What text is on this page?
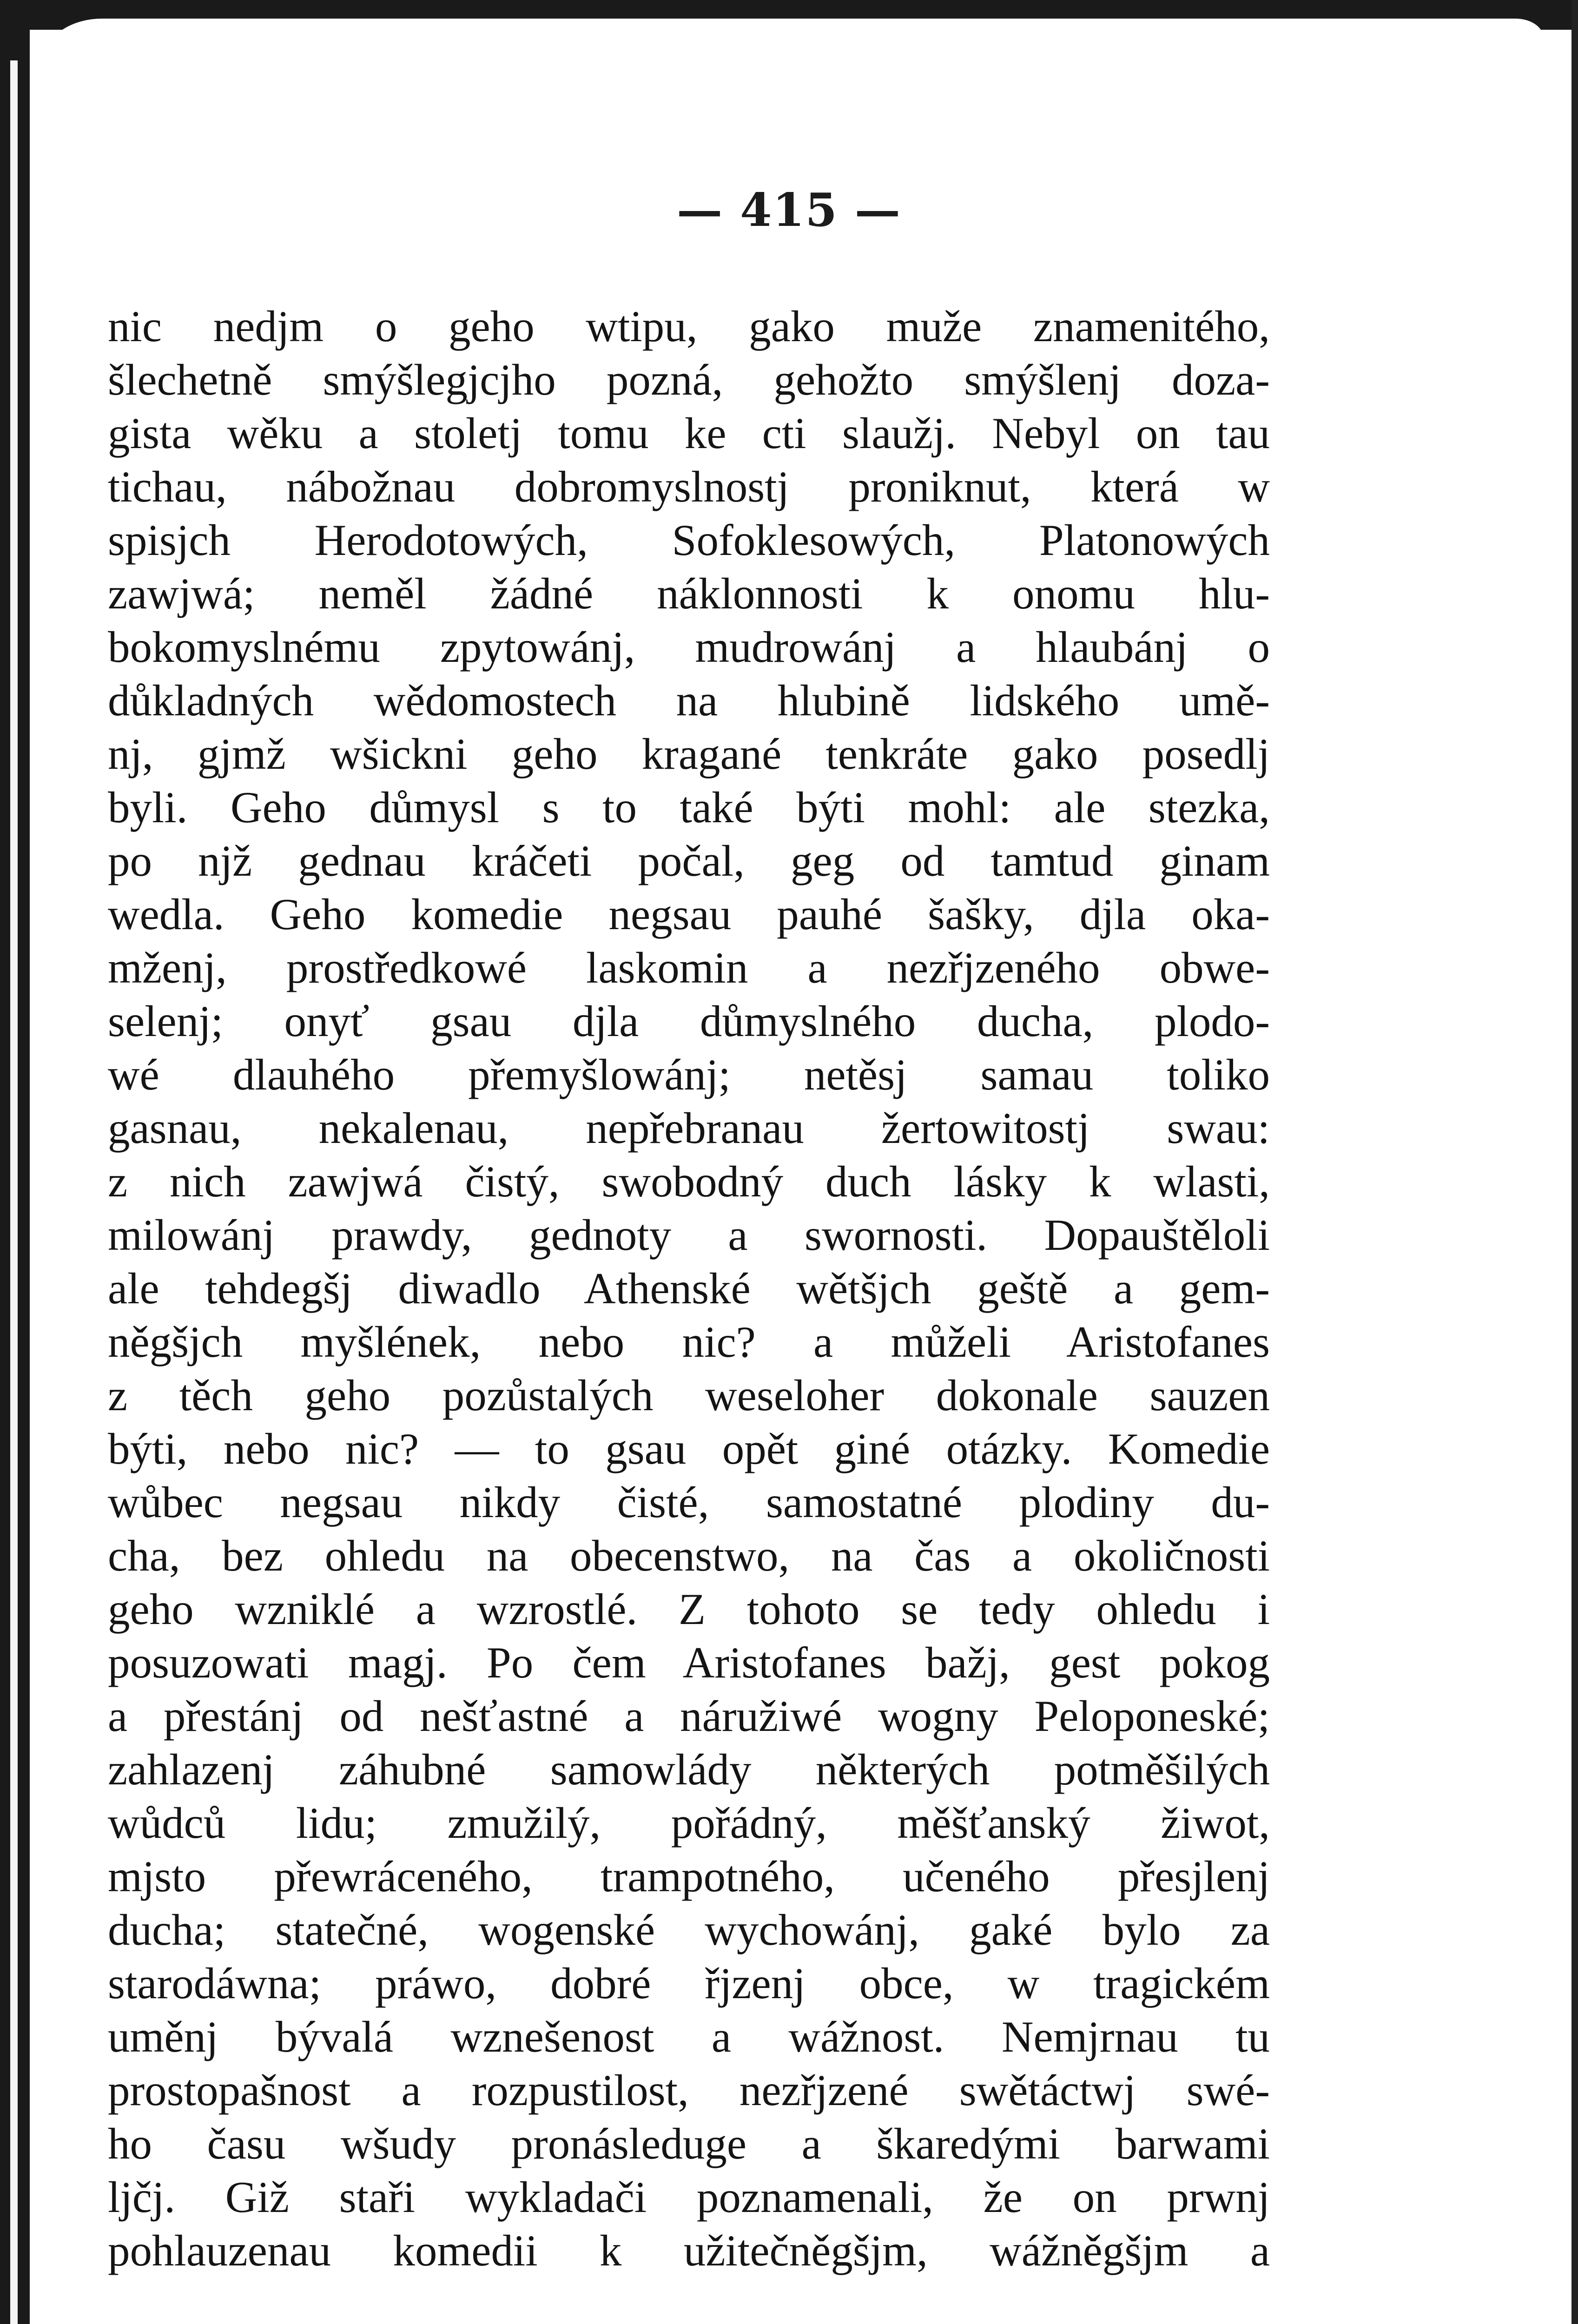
— 415 —
nic nedjm o geho wtipu, gako muže znamenitého,
šlechetně smýšlegjcjho pozná, gehožto smýšlenj doza-
gista wěku a stoletj tomu ke cti slaužj. Nebyl on tau
tichau, nábožnau dobromyslnostj proniknut, která w
spisjch Herodotowých, Sofoklesowých, Platonowých
zawjwá; neměl žádné náklonnosti k onomu hlu-
bokomyslnému zpytowánj, mudrowánj a hlaubánj o
důkladných wědomostech na hlubině lidského umě-
nj, gjmž wšickni geho kragané tenkráte gako posedlj
byli. Geho důmysl s to také býti mohl: ale stezka,
po njž gednau kráčeti počal, geg od tamtud ginam
wedla. Geho komedie negsau pauhé šašky, djla oka-
mženj, prostředkowé laskomin a nezřjzeného obwe-
selenj; onyť gsau djla důmyslného ducha, plodo-
wé dlauhého přemyšlowánj; netěsj samau toliko
gasnau, nekalenau, nepřebranau žertowitostj swau:
z nich zawjwá čistý, swobodný duch lásky k wlasti,
milowánj prawdy, gednoty a swornosti. Dopauštěloli
ale tehdegšj diwadlo Athenské wětšjch geště a gem-
něgšjch myšlének, nebo nic? a můželi Aristofanes
z těch geho pozůstalých weseloher dokonale sauzen
býti, nebo nic? — to gsau opět giné otázky. Komedie
wůbec negsau nikdy čisté, samostatné plodiny du-
cha, bez ohledu na obecenstwo, na čas a okoličnosti
geho wzniklé a wzrostlé. Z tohoto se tedy ohledu i
posuzowati magj. Po čem Aristofanes bažj, gest pokog
a přestánj od nešťastné a náružiwé wogny Peloponeské;
zahlazenj záhubné samowlády některých potměšilých
wůdců lidu; zmužilý, pořádný, měšťanský žiwot,
mjsto přewráceného, trampotného, učeného přesjlenj
ducha; statečné, wogenské wychowánj, gaké bylo za
starodáwna; práwo, dobré řjzenj obce, w tragickém
uměnj bývalá wznešenost a wážnost. Nemjrnau tu
prostopašnost a rozpustilost, nezřjzené swětáctwj swé-
ho času wšudy pronásleduge a škaredými barwami
ljčj. Giž staři wykladači poznamenali, že on prwnj
pohlauzenau komedii k užitečněgšjm, wážněgšjm a
